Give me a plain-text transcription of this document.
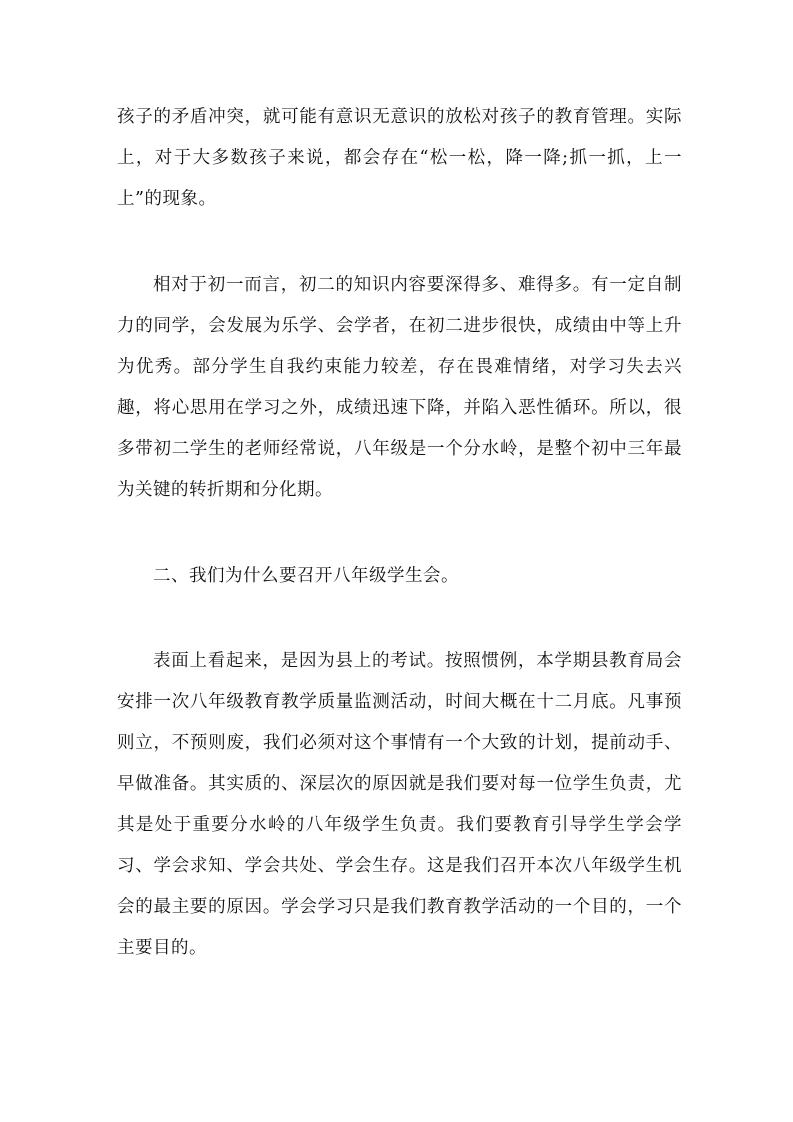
孩子的矛盾冲突，就可能有意识无意识的放松对孩子的教育管理。实际上，对于大多数孩子来说，都会存在“松一松，降一降;抓一抓，上一上”的现象。

相对于初一而言，初二的知识内容要深得多、难得多。有一定自制力的同学，会发展为乐学、会学者，在初二进步很快，成绩由中等上升为优秀。部分学生自我约束能力较差，存在畏难情绪，对学习失去兴趣，将心思用在学习之外，成绩迅速下降，并陷入恶性循环。所以，很多带初二学生的老师经常说，八年级是一个分水岭，是整个初中三年最为关键的转折期和分化期。

二、我们为什么要召开八年级学生会。

表面上看起来，是因为县上的考试。按照惯例，本学期县教育局会安排一次八年级教育教学质量监测活动，时间大概在十二月底。凡事预则立，不预则废，我们必须对这个事情有一个大致的计划，提前动手、早做准备。其实质的、深层次的原因就是我们要对每一位学生负责，尤其是处于重要分水岭的八年级学生负责。我们要教育引导学生学会学习、学会求知、学会共处、学会生存。这是我们召开本次八年级学生机会的最主要的原因。学会学习只是我们教育教学活动的一个目的，一个主要目的。
